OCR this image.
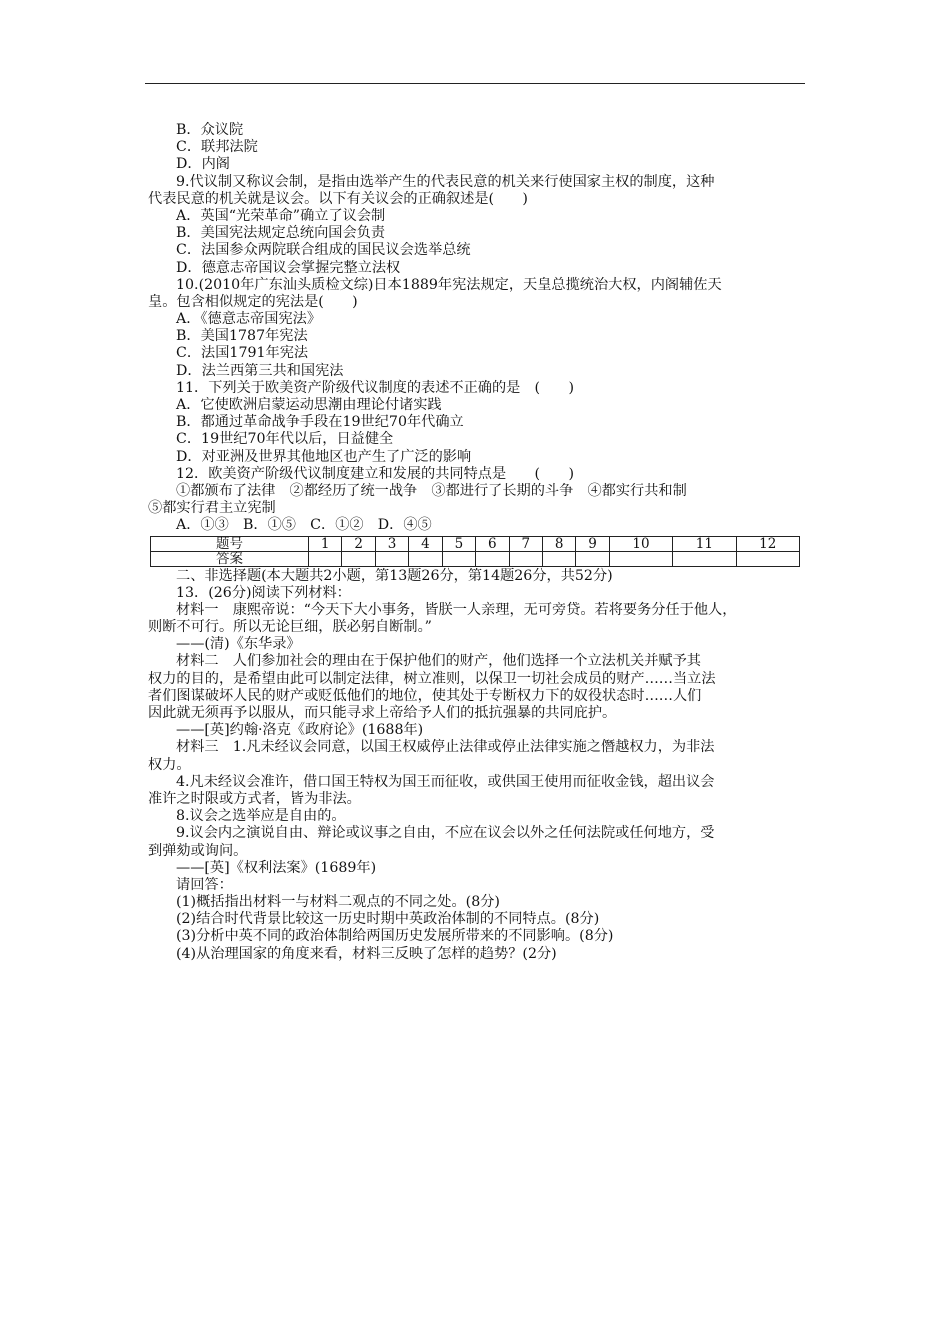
B．众议院
C．联邦法院
D．内阁
9.代议制又称议会制，是指由选举产生的代表民意的机关来行使国家主权的制度，这种
代表民意的机关就是议会。以下有关议会的正确叙述是(　　)
A．英国“光荣革命”确立了议会制
B．美国宪法规定总统向国会负责
C．法国参众两院联合组成的国民议会选举总统
D．德意志帝国议会掌握完整立法权
10.(2010年广东汕头质检文综)日本1889年宪法规定，天皇总揽统治大权，内阁辅佐天
皇。包含相似规定的宪法是(　　)
A．《德意志帝国宪法》
B．美国1787年宪法
C．法国1791年宪法
D．法兰西第三共和国宪法
11．下列关于欧美资产阶级代议制度的表述不正确的是　(　　)
A．它使欧洲启蒙运动思潮由理论付诸实践
B．都通过革命战争手段在19世纪70年代确立
C．19世纪70年代以后，日益健全
D．对亚洲及世界其他地区也产生了广泛的影响
12．欧美资产阶级代议制度建立和发展的共同特点是　　(　　)
①都颁布了法律　②都经历了统一战争　③都进行了长期的斗争　④都实行共和制
⑤都实行君主立宪制
A．①③　B．①⑤　C．①②　D．④⑤
题号	1	2	3	4	5	6	7	8	9	10	11	12
答案												
二、非选择题(本大题共2小题，第13题26分，第14题26分，共52分)
13．(26分)阅读下列材料：
材料一　康熙帝说：“今天下大小事务，皆朕一人亲理，无可旁贷。若将要务分任于他人，
则断不可行。所以无论巨细，朕必躬自断制。”
——(清)《东华录》
材料二　人们参加社会的理由在于保护他们的财产，他们选择一个立法机关并赋予其
权力的目的，是希望由此可以制定法律，树立准则，以保卫一切社会成员的财产……当立法
者们图谋破坏人民的财产或贬低他们的地位，使其处于专断权力下的奴役状态时……人们
因此就无须再予以服从，而只能寻求上帝给予人们的抵抗强暴的共同庇护。
——[英]约翰·洛克《政府论》(1688年)
材料三　1.凡未经议会同意，以国王权威停止法律或停止法律实施之僭越权力，为非法
权力。
4.凡未经议会准许，借口国王特权为国王而征收，或供国王使用而征收金钱，超出议会
准许之时限或方式者，皆为非法。
8.议会之选举应是自由的。
9.议会内之演说自由、辩论或议事之自由，不应在议会以外之任何法院或任何地方，受
到弹劾或询问。
——[英]《权利法案》(1689年)
请回答：
(1)概括指出材料一与材料二观点的不同之处。(8分)
(2)结合时代背景比较这一历史时期中英政治体制的不同特点。(8分)
(3)分析中英不同的政治体制给两国历史发展所带来的不同影响。(8分)
(4)从治理国家的角度来看，材料三反映了怎样的趋势？(2分)
